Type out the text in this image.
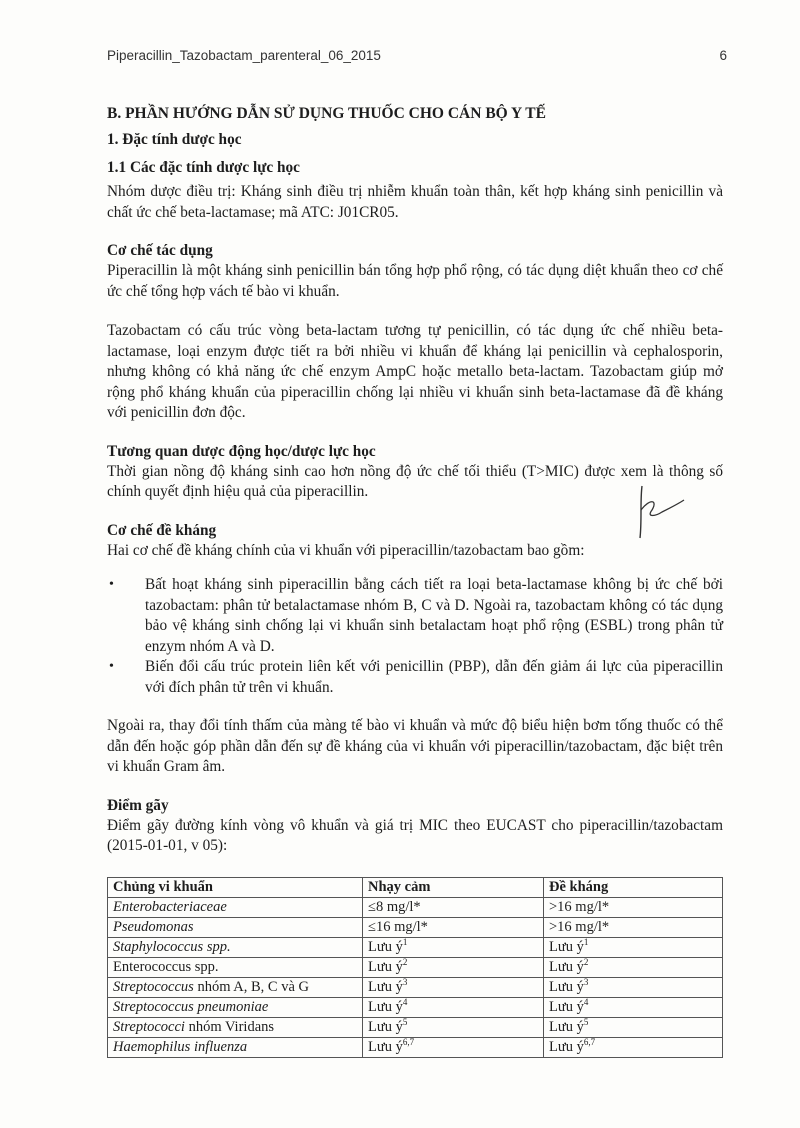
Piperacillin_Tazobactam_parenteral_06_2015	6
B. PHẦN HƯỚNG DẪN SỬ DỤNG THUỐC CHO CÁN BỘ Y TẾ
1. Đặc tính dược học
1.1 Các đặc tính dược lực học

Nhóm dược điều trị: Kháng sinh điều trị nhiễm khuẩn toàn thân, kết hợp kháng sinh penicillin và chất ức chế beta-lactamase; mã ATC: J01CR05.

Cơ chế tác dụng

Piperacillin là một kháng sinh penicillin bán tổng hợp phổ rộng, có tác dụng diệt khuẩn theo cơ chế ức chế tổng hợp vách tế bào vi khuẩn.

Tazobactam có cấu trúc vòng beta-lactam tương tự penicillin, có tác dụng ức chế nhiều beta-lactamase, loại enzym được tiết ra bởi nhiều vi khuẩn để kháng lại penicillin và cephalosporin, nhưng không có khả năng ức chế enzym AmpC hoặc metallo beta-lactam. Tazobactam giúp mở rộng phổ kháng khuẩn của piperacillin chống lại nhiều vi khuẩn sinh beta-lactamase đã đề kháng với penicillin đơn độc.

Tương quan dược động học/dược lực học

Thời gian nồng độ kháng sinh cao hơn nồng độ ức chế tối thiểu (T>MIC) được xem là thông số chính quyết định hiệu quả của piperacillin.

Cơ chế đề kháng

Hai cơ chế đề kháng chính của vi khuẩn với piperacillin/tazobactam bao gồm:

• Bất hoạt kháng sinh piperacillin bằng cách tiết ra loại beta-lactamase không bị ức chế bởi tazobactam: phân tử betalactamase nhóm B, C và D. Ngoài ra, tazobactam không có tác dụng bảo vệ kháng sinh chống lại vi khuẩn sinh betalactam hoạt phổ rộng (ESBL) trong phân tử enzym nhóm A và D.
• Biến đổi cấu trúc protein liên kết với penicillin (PBP), dẫn đến giảm ái lực của piperacillin với đích phân tử trên vi khuẩn.

Ngoài ra, thay đổi tính thấm của màng tế bào vi khuẩn và mức độ biểu hiện bơm tống thuốc có thể dẫn đến hoặc góp phần dẫn đến sự đề kháng của vi khuẩn với piperacillin/tazobactam, đặc biệt trên vi khuẩn Gram âm.

Điểm gãy

Điểm gãy đường kính vòng vô khuẩn và giá trị MIC theo EUCAST cho piperacillin/tazobactam (2015-01-01, v 05):

Chủng vi khuẩn	Nhạy cảm	Đề kháng
Enterobacteriaceae	≤8 mg/l*	>16 mg/l*
Pseudomonas	≤16 mg/l*	>16 mg/l*
Staphylococcus spp.	Lưu $ý^1$	Lưu $ý^1$
Enterococcus spp.	Lưu $ý^2$	Lưu $ý^2$
Streptococcus nhóm A, B, C và G	Lưu $ý^3$	Lưu $ý^3$
Streptococcus pneumoniae	Lưu $ý^4$	Lưu $ý^4$
Streptococci nhóm Viridans	Lưu $ý^5$	Lưu $ý^5$
Haemophilus influenza	Lưu $ý^{6,7}$	Lưu $ý^{6,7}$
